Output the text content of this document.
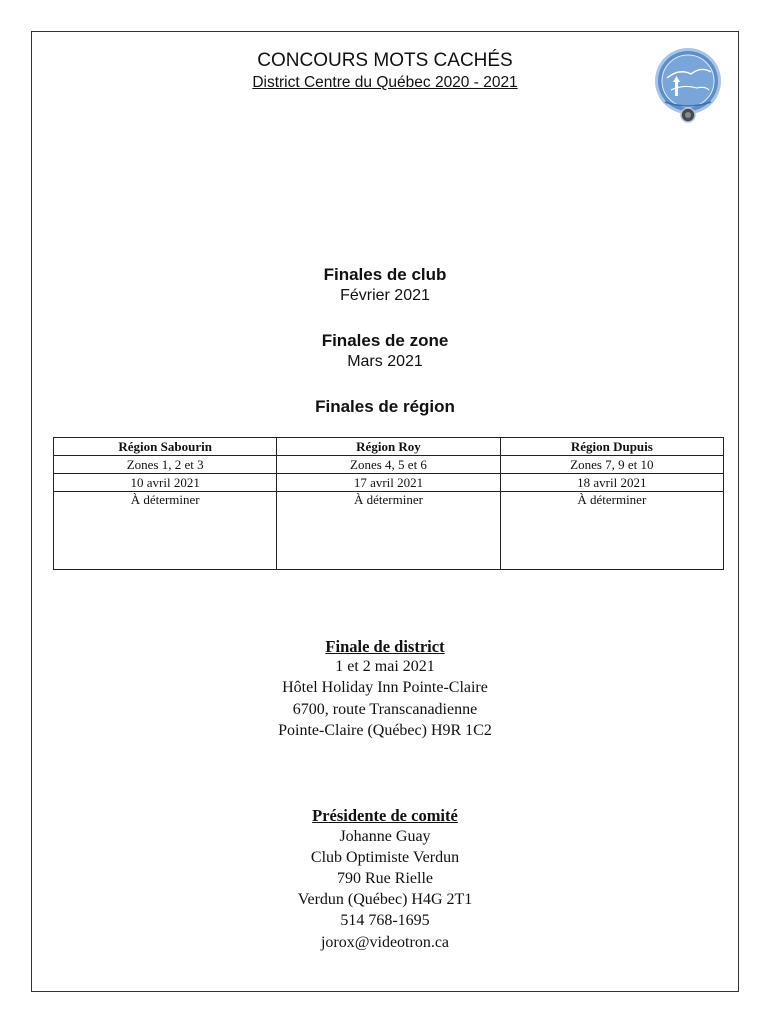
CONCOURS MOTS CACHÉS
District Centre du Québec 2020 - 2021
Finales de club
Février 2021
Finales de zone
Mars 2021
Finales de région
Région Sabourin	Région Roy	Région Dupuis
Zones 1, 2 et 3	Zones 4, 5 et 6	Zones 7, 9 et 10
10 avril 2021	17 avril 2021	18 avril 2021
À déterminer	À déterminer	À déterminer
Finale de district
1 et 2 mai 2021
Hôtel Holiday Inn Pointe-Claire
6700, route Transcanadienne
Pointe-Claire (Québec) H9R 1C2
Présidente de comité
Johanne Guay
Club Optimiste Verdun
790 Rue Rielle
Verdun (Québec) H4G 2T1
514 768-1695
jorox@videotron.ca
